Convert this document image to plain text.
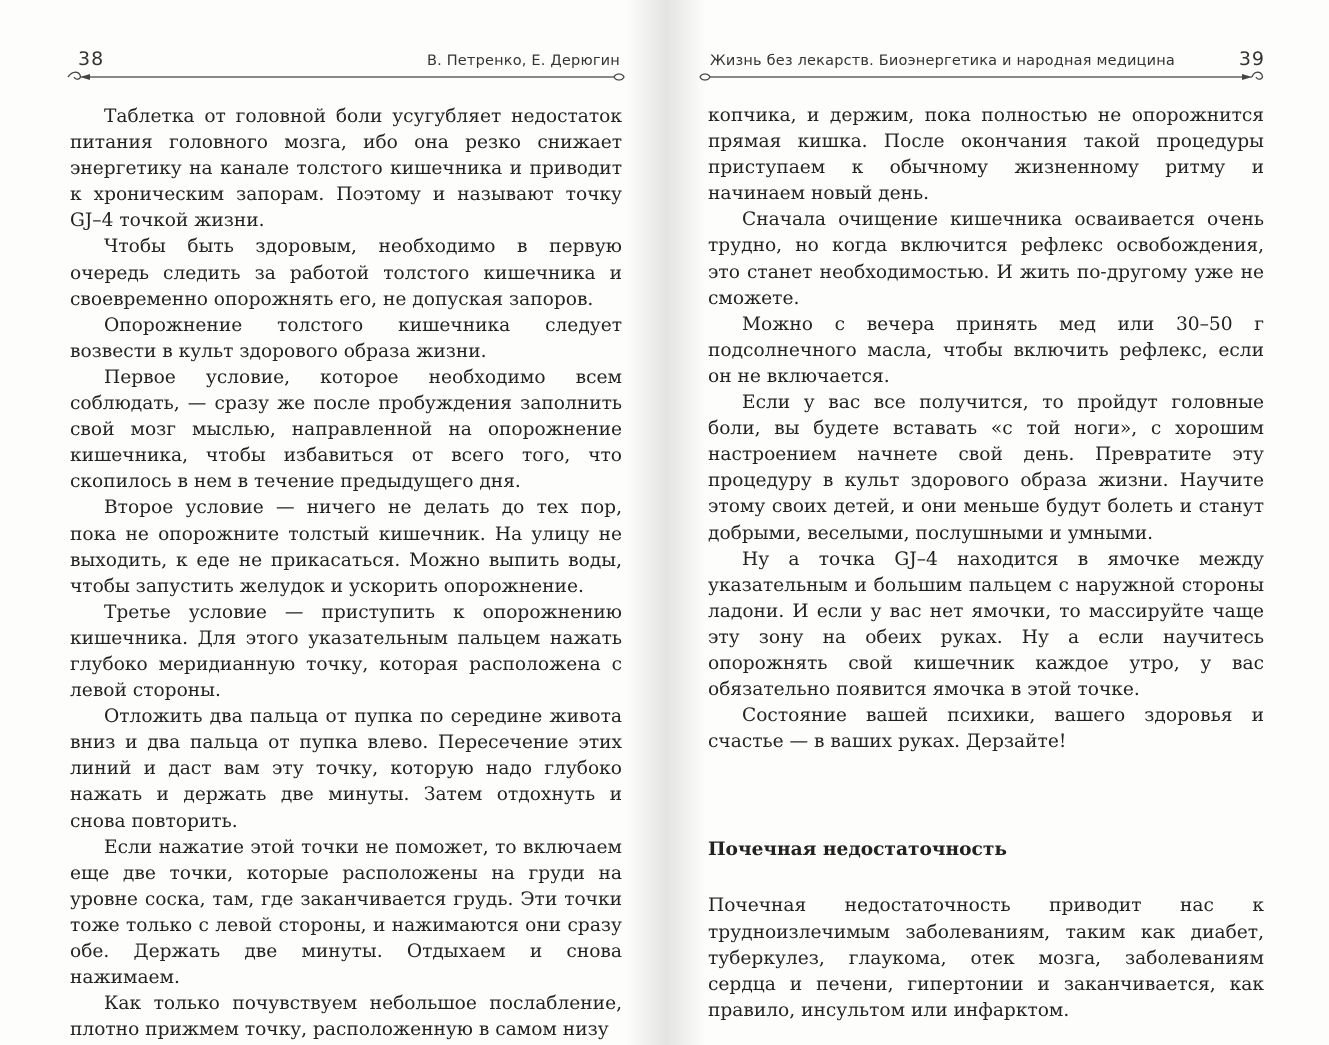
38	В. Петренко, Е. Дерюгин

Таблетка от головной боли усугубляет недостаток питания головного мозга, ибо она резко снижает энергетику на канале толстого кишечника и приводит к хроническим запорам. Поэтому и называют точку GJ–4 точкой жизни.

Чтобы быть здоровым, необходимо в первую очередь следить за работой толстого кишечника и своевременно опорожнять его, не допуская запоров.

Опорожнение толстого кишечника следует возвести в культ здорового образа жизни.

Первое условие, которое необходимо всем соблюдать, — сразу же после пробуждения заполнить свой мозг мыслью, направленной на опорожнение кишечника, чтобы избавиться от всего того, что скопилось в нем в течение предыдущего дня.

Второе условие — ничего не делать до тех пор, пока не опорожните толстый кишечник. На улицу не выходить, к еде не прикасаться. Можно выпить воды, чтобы запустить желудок и ускорить опорожнение.

Третье условие — приступить к опорожнению кишечника. Для этого указательным пальцем нажать глубоко меридианную точку, которая расположена с левой стороны.

Отложить два пальца от пупка по середине живота вниз и два пальца от пупка влево. Пересечение этих линий и даст вам эту точку, которую надо глубоко нажать и держать две минуты. Затем отдохнуть и снова повторить.

Если нажатие этой точки не поможет, то включаем еще две точки, которые расположены на груди на уровне соска, там, где заканчивается грудь. Эти точки тоже только с левой стороны, и нажимаются они сразу обе. Держать две минуты. Отдыхаем и снова нажимаем.

Как только почувствуем небольшое послабление, плотно прижмем точку, расположенную в самом низу

Жизнь без лекарств. Биоэнергетика и народная медицина	39

копчика, и держим, пока полностью не опорожнится прямая кишка. После окончания такой процедуры приступаем к обычному жизненному ритму и начинаем новый день.

Сначала очищение кишечника осваивается очень трудно, но когда включится рефлекс освобождения, это станет необходимостью. И жить по-другому уже не сможете.

Можно с вечера принять мед или 30–50 г подсолнечного масла, чтобы включить рефлекс, если он не включается.

Если у вас все получится, то пройдут головные боли, вы будете вставать «с той ноги», с хорошим настроением начнете свой день. Превратите эту процедуру в культ здорового образа жизни. Научите этому своих детей, и они меньше будут болеть и станут добрыми, веселыми, послушными и умными.

Ну а точка GJ–4 находится в ямочке между указательным и большим пальцем с наружной стороны ладони. И если у вас нет ямочки, то массируйте чаще эту зону на обеих руках. Ну а если научитесь опорожнять свой кишечник каждое утро, у вас обязательно появится ямочка в этой точке.

Состояние вашей психики, вашего здоровья и счастье — в ваших руках. Дерзайте!

Почечная недостаточность

Почечная недостаточность приводит нас к трудноизлечимым заболеваниям, таким как диабет, туберкулез, глаукома, отек мозга, заболеваниям сердца и печени, гипертонии и заканчивается, как правило, инсультом или инфарктом.
